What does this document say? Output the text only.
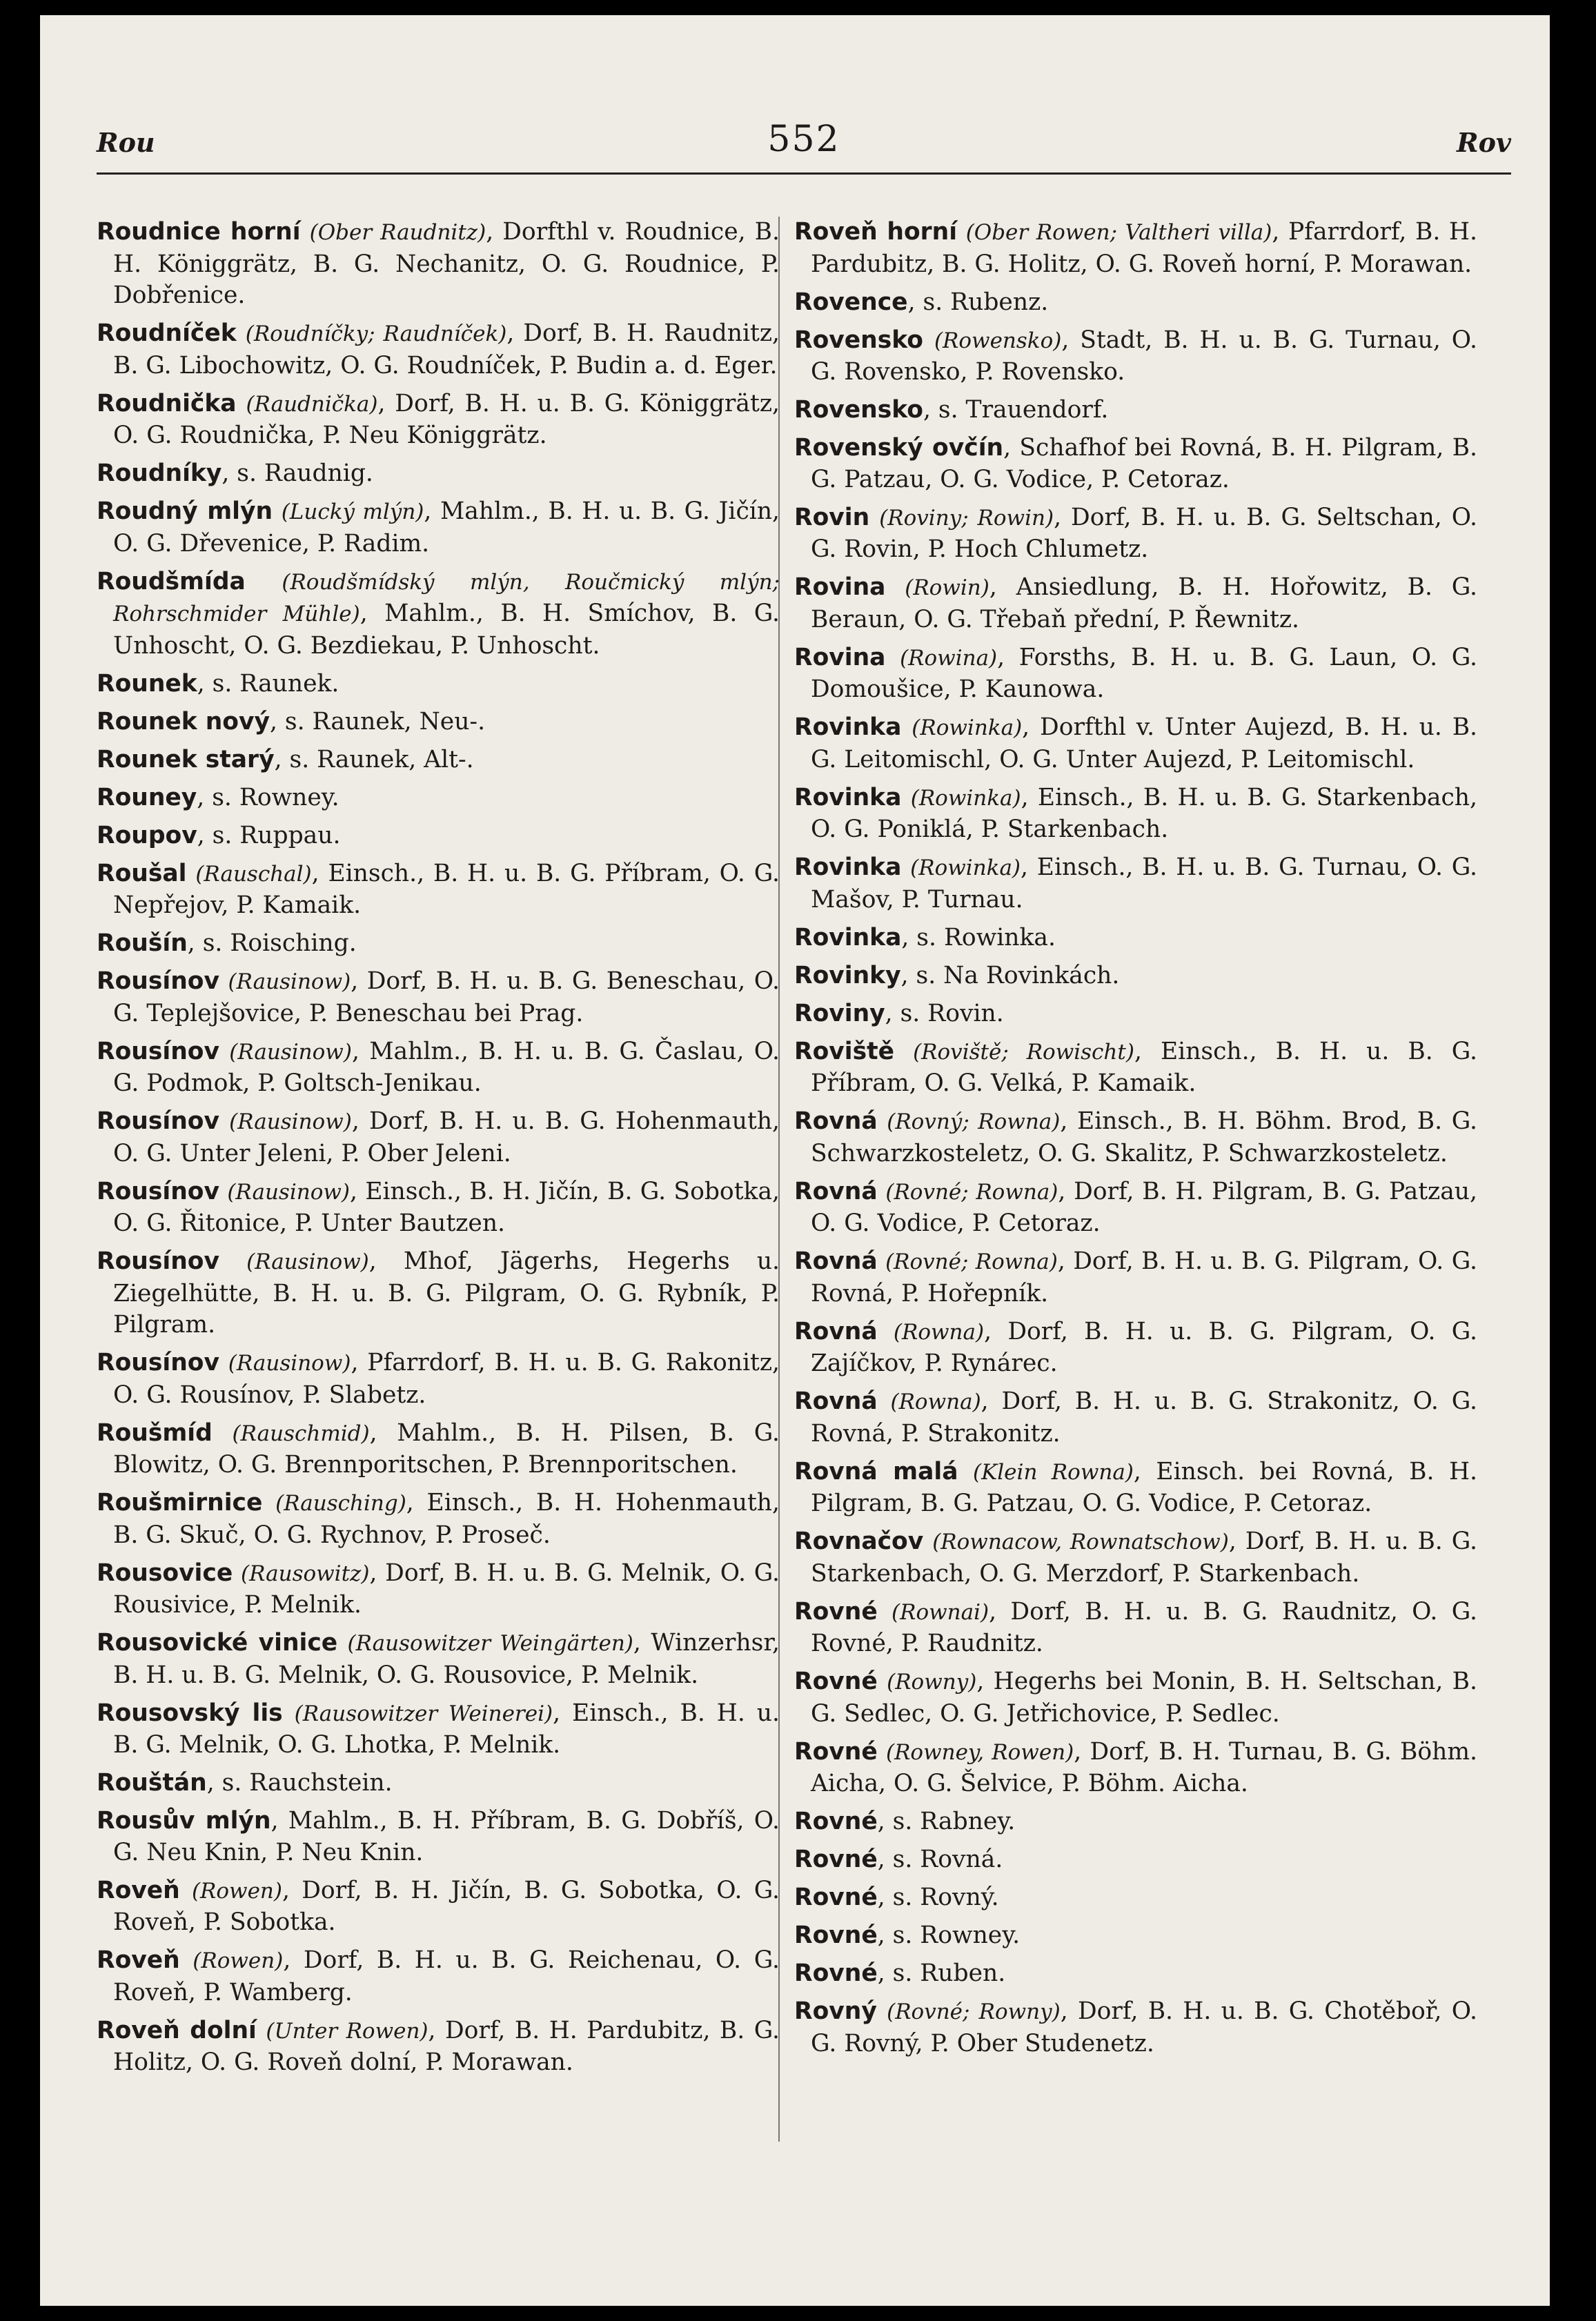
Rou	552	Rov
Roudnice horní (Ober Raudnitz), Dorfthl v. Roudnice, B. H. Königgrätz, B. G. Nechanitz, O. G. Roudnice, P. Dobřenice.
Roudníček (Roudníčky; Raudníček), Dorf, B. H. Raudnitz, B. G. Libochowitz, O. G. Roudníček, P. Budin a. d. Eger.
Roudnička (Raudnička), Dorf, B. H. u. B. G. Königgrätz, O. G. Roudnička, P. Neu Königgrätz.
Roudníky, s. Raudnig.
Roudný mlýn (Lucký mlýn), Mahlm., B. H. u. B. G. Jičín, O. G. Dřevenice, P. Radim.
Roudšmída (Roudšmídský mlýn, Roučmický mlýn; Rohrschmider Mühle), Mahlm., B. H. Smíchov, B. G. Unhoscht, O. G. Bezdiekau, P. Unhoscht.
Rounek, s. Raunek.
Rounek nový, s. Raunek, Neu-.
Rounek starý, s. Raunek, Alt-.
Rouney, s. Rowney.
Roupov, s. Ruppau.
Roušal (Rauschal), Einsch., B. H. u. B. G. Příbram, O. G. Nepřejov, P. Kamaik.
Roušín, s. Roisching.
Rousínov (Rausinow), Dorf, B. H. u. B. G. Beneschau, O. G. Teplejšovice, P. Beneschau bei Prag.
Rousínov (Rausinow), Mahlm., B. H. u. B. G. Časlau, O. G. Podmok, P. Goltsch-Jenikau.
Rousínov (Rausinow), Dorf, B. H. u. B. G. Hohenmauth, O. G. Unter Jeleni, P. Ober Jeleni.
Rousínov (Rausinow), Einsch., B. H. Jičín, B. G. Sobotka, O. G. Řitonice, P. Unter Bautzen.
Rousínov (Rausinow), Mhof, Jägerhs, Hegerhs u. Ziegelhütte, B. H. u. B. G. Pilgram, O. G. Rybník, P. Pilgram.
Rousínov (Rausinow), Pfarrdorf, B. H. u. B. G. Rakonitz, O. G. Rousínov, P. Slabetz.
Roušmíd (Rauschmid), Mahlm., B. H. Pilsen, B. G. Blowitz, O. G. Brennporitschen, P. Brennporitschen.
Roušmirnice (Rausching), Einsch., B. H. Hohenmauth, B. G. Skuč, O. G. Rychnov, P. Proseč.
Rousovice (Rausowitz), Dorf, B. H. u. B. G. Melnik, O. G. Rousivice, P. Melnik.
Rousovické vinice (Rausowitzer Weingärten), Winzerhsr, B. H. u. B. G. Melnik, O. G. Rousovice, P. Melnik.
Rousovský lis (Rausowitzer Weinerei), Einsch., B. H. u. B. G. Melnik, O. G. Lhotka, P. Melnik.
Rouštán, s. Rauchstein.
Rousův mlýn, Mahlm., B. H. Příbram, B. G. Dobříš, O. G. Neu Knin, P. Neu Knin.
Roveň (Rowen), Dorf, B. H. Jičín, B. G. Sobotka, O. G. Roveň, P. Sobotka.
Roveň (Rowen), Dorf, B. H. u. B. G. Reichenau, O. G. Roveň, P. Wamberg.
Roveň dolní (Unter Rowen), Dorf, B. H. Pardubitz, B. G. Holitz, O. G. Roveň dolní, P. Morawan.
Roveň horní (Ober Rowen; Valtheri villa), Pfarrdorf, B. H. Pardubitz, B. G. Holitz, O. G. Roveň horní, P. Morawan.
Rovence, s. Rubenz.
Rovensko (Rowensko), Stadt, B. H. u. B. G. Turnau, O. G. Rovensko, P. Rovensko.
Rovensko, s. Trauendorf.
Rovenský ovčín, Schafhof bei Rovná, B. H. Pilgram, B. G. Patzau, O. G. Vodice, P. Cetoraz.
Rovin (Roviny; Rowin), Dorf, B. H. u. B. G. Seltschan, O. G. Rovin, P. Hoch Chlumetz.
Rovina (Rowin), Ansiedlung, B. H. Hořowitz, B. G. Beraun, O. G. Třebaň přední, P. Řewnitz.
Rovina (Rowina), Forsths, B. H. u. B. G. Laun, O. G. Domoušice, P. Kaunowa.
Rovinka (Rowinka), Dorfthl v. Unter Aujezd, B. H. u. B. G. Leitomischl, O. G. Unter Aujezd, P. Leitomischl.
Rovinka (Rowinka), Einsch., B. H. u. B. G. Starkenbach, O. G. Poniklá, P. Starkenbach.
Rovinka (Rowinka), Einsch., B. H. u. B. G. Turnau, O. G. Mašov, P. Turnau.
Rovinka, s. Rowinka.
Rovinky, s. Na Rovinkách.
Roviny, s. Rovin.
Roviště (Roviště; Rowischt), Einsch., B. H. u. B. G. Příbram, O. G. Velká, P. Kamaik.
Rovná (Rovný; Rowna), Einsch., B. H. Böhm. Brod, B. G. Schwarzkosteletz, O. G. Skalitz, P. Schwarzkosteletz.
Rovná (Rovné; Rowna), Dorf, B. H. Pilgram, B. G. Patzau, O. G. Vodice, P. Cetoraz.
Rovná (Rovné; Rowna), Dorf, B. H. u. B. G. Pilgram, O. G. Rovná, P. Hořepník.
Rovná (Rowna), Dorf, B. H. u. B. G. Pilgram, O. G. Zajíčkov, P. Rynárec.
Rovná (Rowna), Dorf, B. H. u. B. G. Strakonitz, O. G. Rovná, P. Strakonitz.
Rovná malá (Klein Rowna), Einsch. bei Rovná, B. H. Pilgram, B. G. Patzau, O. G. Vodice, P. Cetoraz.
Rovnačov (Rownacow, Rownatschow), Dorf, B. H. u. B. G. Starkenbach, O. G. Merzdorf, P. Starkenbach.
Rovné (Rownai), Dorf, B. H. u. B. G. Raudnitz, O. G. Rovné, P. Raudnitz.
Rovné (Rowny), Hegerhs bei Monin, B. H. Seltschan, B. G. Sedlec, O. G. Jetřichovice, P. Sedlec.
Rovné (Rowney, Rowen), Dorf, B. H. Turnau, B. G. Böhm. Aicha, O. G. Šelvice, P. Böhm. Aicha.
Rovné, s. Rabney.
Rovné, s. Rovná.
Rovné, s. Rovný.
Rovné, s. Rowney.
Rovné, s. Ruben.
Rovný (Rovné; Rowny), Dorf, B. H. u. B. G. Chotěboř, O. G. Rovný, P. Ober Studenetz.
